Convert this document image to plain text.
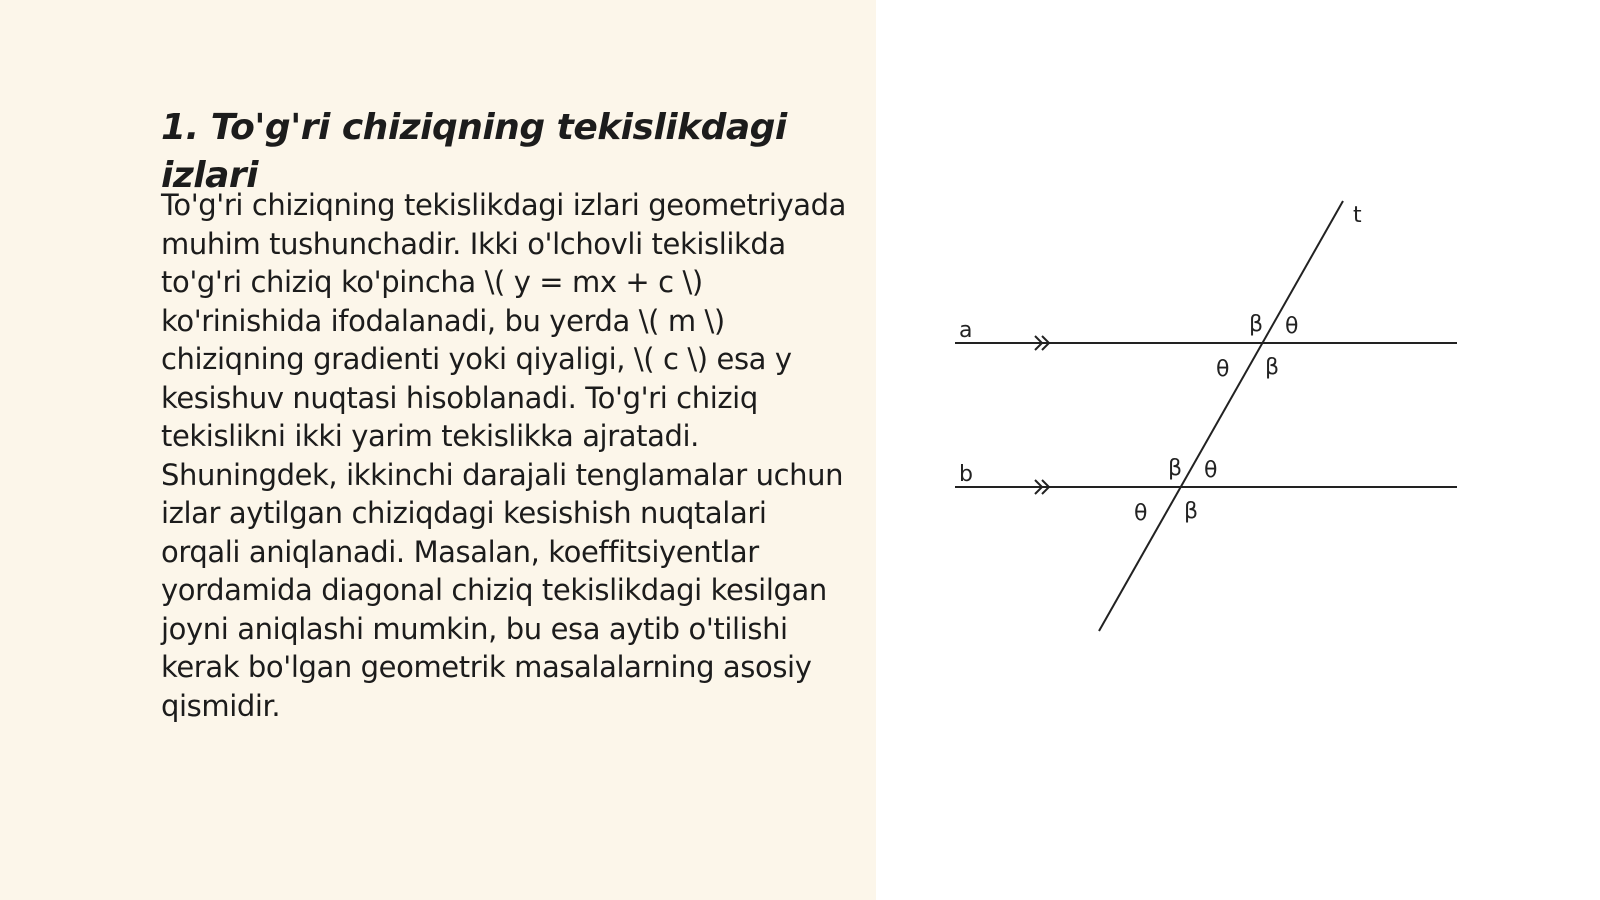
1. To'g'ri chiziqning tekislikdagi izlari

To'g'ri chiziqning tekislikdagi izlari geometriyada muhim tushunchadir. Ikki o'lchovli tekislikda to'g'ri chiziq ko'pincha \( y = mx + c \) ko'rinishida ifodalanadi, bu yerda \( m \) chiziqning gradienti yoki qiyaligi, \( c \) esa y kesishuv nuqtasi hisoblanadi. To'g'ri chiziq tekislikni ikki yarim tekislikka ajratadi. Shuningdek, ikkinchi darajali tenglamalar uchun izlar aytilgan chiziqdagi kesishish nuqtalari orqali aniqlanadi. Masalan, koeffitsiyentlar yordamida diagonal chiziq tekislikdagi kesilgan joyni aniqlashi mumkin, bu esa aytib o'tilishi kerak bo'lgan geometrik masalalarning asosiy qismidir.

t
a
b
β θ
θ β
β θ
θ β
